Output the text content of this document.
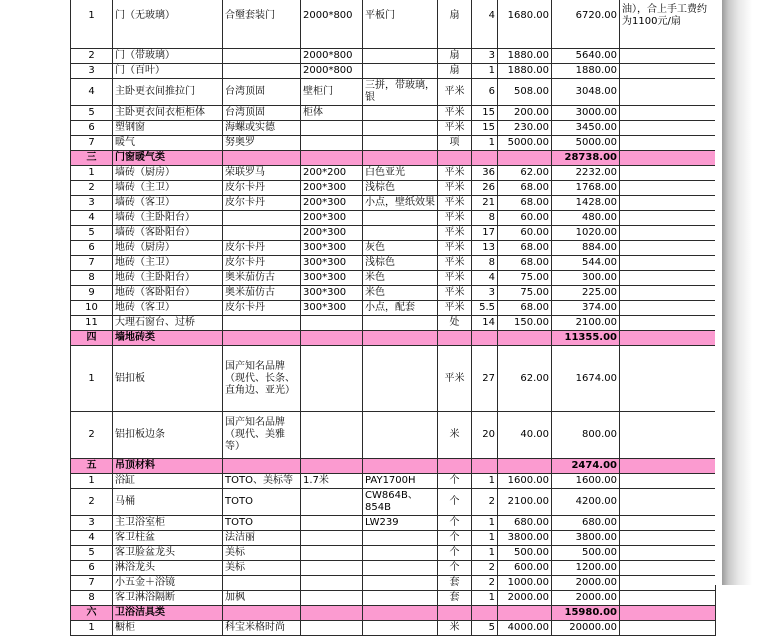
1	门（无玻璃）	合壐套装门	2000*800	平板门	扇	4	1680.00	6720.00	油），合上手工费约为1100元/扇
2	门（带玻璃）		2000*800		扇	3	1880.00	5640.00	
3	门（百叶）		2000*800		扇	1	1880.00	1880.00	
4	主卧更衣间推拉门	台湾顶固	壁柜门	三拼，带玻璃，银	平米	6	508.00	3048.00	
5	主卧更衣间衣柜柜体	台湾顶固	柜体		平米	15	200.00	3000.00	
6	塑钢窗	海螺或实德			平米	15	230.00	3450.00	
7	暖气	努奥罗			项	1	5000.00	5000.00	
三	门窗暖气类							28738.00	
1	墙砖（厨房）	荣联罗马	200*200	白色亚光	平米	36	62.00	2232.00	
2	墙砖（主卫）	皮尔卡丹	200*300	浅棕色	平米	26	68.00	1768.00	
3	墙砖（客卫）	皮尔卡丹	200*300	小点，壁纸效果	平米	21	68.00	1428.00	
4	墙砖（主卧阳台）		200*300		平米	8	60.00	480.00	
5	墙砖（客卧阳台）		200*300		平米	17	60.00	1020.00	
6	地砖（厨房）	皮尔卡丹	300*300	灰色	平米	13	68.00	884.00	
7	地砖（主卫）	皮尔卡丹	300*300	浅棕色	平米	8	68.00	544.00	
8	地砖（主卧阳台）	奥米茄仿古	300*300	米色	平米	4	75.00	300.00	
9	地砖（客卧阳台）	奥米茄仿古	300*300	米色	平米	3	75.00	225.00	
10	地砖（客卫）	皮尔卡丹	300*300	小点，配套	平米	5.5	68.00	374.00	
11	大理石窗台、过桥				处	14	150.00	2100.00	
四	墙地砖类							11355.00	
1	铝扣板	国产知名品牌（现代、长条、直角边、亚光）			平米	27	62.00	1674.00	
2	铝扣板边条	国产知名品牌（现代、美雅等）			米	20	40.00	800.00	
五	吊顶材料							2474.00	
1	浴缸	TOTO、美标等	1.7米	PAY1700H	个	1	1600.00	1600.00	
2	马桶	TOTO		CW864B、854B	个	2	2100.00	4200.00	
3	主卫浴室柜	TOTO		LW239	个	1	680.00	680.00	
4	客卫柱盆	法洁丽			个	1	3800.00	3800.00	
5	客卫脸盆龙头	美标			个	1	500.00	500.00	
6	淋浴龙头	美标			个	2	600.00	1200.00	
7	小五金＋浴镜				套	2	1000.00	2000.00	
8	客卫淋浴隔断	加枫			套	1	2000.00	2000.00	
六	卫浴洁具类							15980.00	
1	橱柜	科宝米格时尚			米	5	4000.00	20000.00	
